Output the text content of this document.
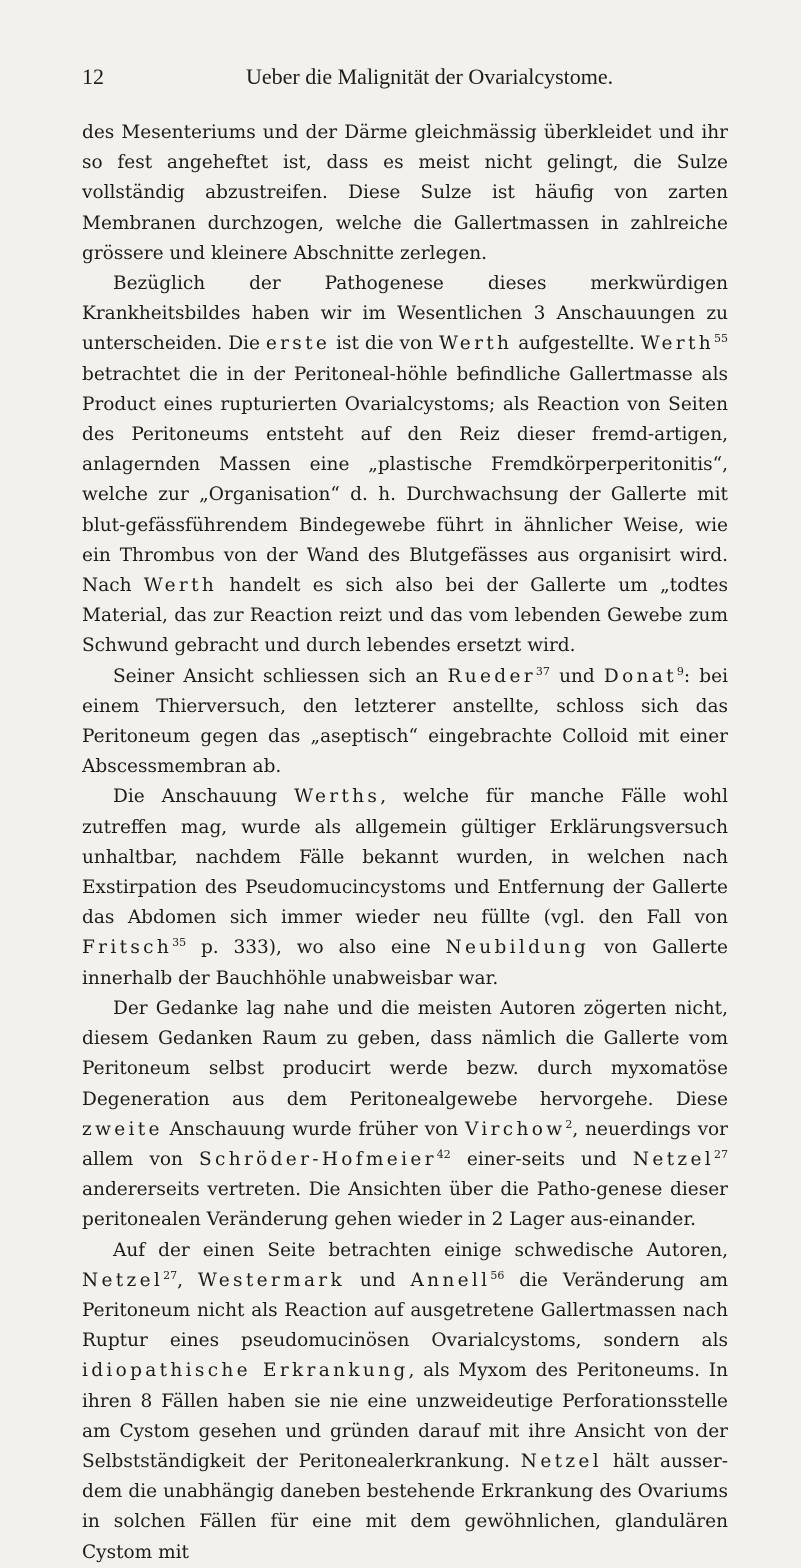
12	Ueber die Malignität der Ovarialcystome.

des Mesenteriums und der Därme gleichmässig überkleidet und ihr so fest angeheftet ist, dass es meist nicht gelingt, die Sulze vollständig abzustreifen. Diese Sulze ist häufig von zarten Membranen durchzogen, welche die Gallertmassen in zahlreiche grössere und kleinere Abschnitte zerlegen.

Bezüglich der Pathogenese dieses merkwürdigen Krankheitsbildes haben wir im Wesentlichen 3 Anschauungen zu unterscheiden. Die erste ist die von Werth aufgestellte. Werth$^{55}$ betrachtet die in der Peritoneal-höhle befindliche Gallertmasse als Product eines rupturierten Ovarialcystoms; als Reaction von Seiten des Peritoneums entsteht auf den Reiz dieser fremd-artigen, anlagernden Massen eine „plastische Fremdkörperperitonitis“, welche zur „Organisation“ d. h. Durchwachsung der Gallerte mit blut-gefässführendem Bindegewebe führt in ähnlicher Weise, wie ein Thrombus von der Wand des Blutgefässes aus organisirt wird. Nach Werth handelt es sich also bei der Gallerte um „todtes Material, das zur Reaction reizt und das vom lebenden Gewebe zum Schwund gebracht und durch lebendes ersetzt wird.

Seiner Ansicht schliessen sich an Rueder$^{37}$ und Donat$^9$: bei einem Thierversuch, den letzterer anstellte, schloss sich das Peritoneum gegen das „aseptisch“ eingebrachte Colloid mit einer Abscessmembran ab.

Die Anschauung Werths, welche für manche Fälle wohl zutreffen mag, wurde als allgemein gültiger Erklärungsversuch unhaltbar, nachdem Fälle bekannt wurden, in welchen nach Exstirpation des Pseudomucincystoms und Entfernung der Gallerte das Abdomen sich immer wieder neu füllte (vgl. den Fall von Fritsch$^{35}$ p. 333), wo also eine Neubildung von Gallerte innerhalb der Bauchhöhle unabweisbar war.

Der Gedanke lag nahe und die meisten Autoren zögerten nicht, diesem Gedanken Raum zu geben, dass nämlich die Gallerte vom Peritoneum selbst producirt werde bezw. durch myxomatöse Degeneration aus dem Peritonealgewebe hervorgehe. Diese zweite Anschauung wurde früher von Virchow$^2$, neuerdings vor allem von Schröder-Hofmeier$^{42}$ einer-seits und Netzel$^{27}$ andererseits vertreten. Die Ansichten über die Patho-genese dieser peritonealen Veränderung gehen wieder in 2 Lager aus-einander.

Auf der einen Seite betrachten einige schwedische Autoren, Netzel$^{27}$, Westermark und Annell$^{56}$ die Veränderung am Peritoneum nicht als Reaction auf ausgetretene Gallertmassen nach Ruptur eines pseudomucinösen Ovarialcystoms, sondern als idiopathische Erkrankung, als Myxom des Peritoneums. In ihren 8 Fällen haben sie nie eine unzweideutige Perforationsstelle am Cystom gesehen und gründen darauf mit ihre Ansicht von der Selbstständigkeit der Peritonealerkrankung. Netzel hält ausser-dem die unabhängig daneben bestehende Erkrankung des Ovariums in solchen Fällen für eine mit dem gewöhnlichen, glandulären Cystom mit
